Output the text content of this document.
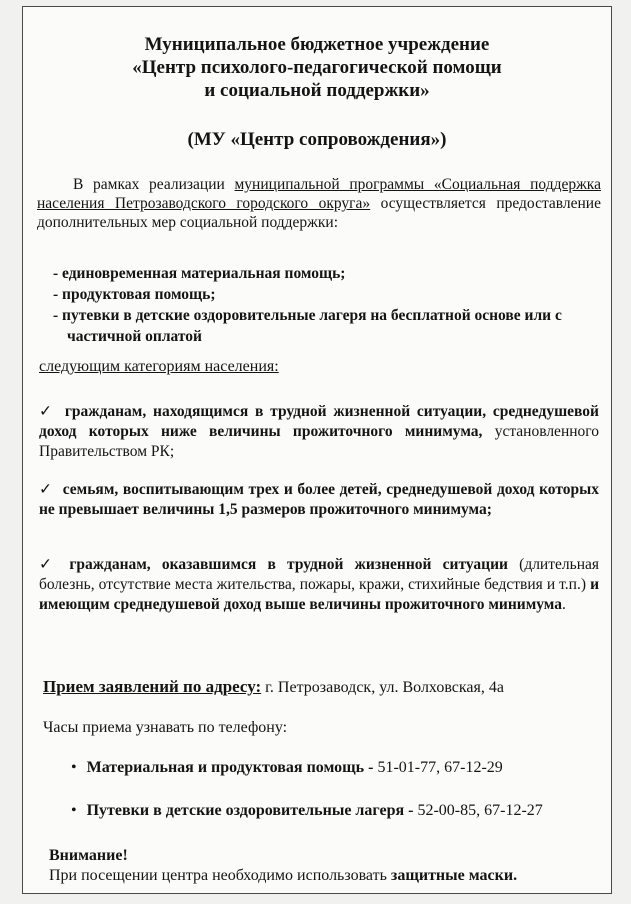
Муниципальное бюджетное учреждение
«Центр психолого-педагогической помощи
и социальной поддержки»
(МУ «Центр сопровождения»)
В рамках реализации муниципальной программы «Социальная поддержка населения Петрозаводского городского округа» осуществляется предоставление дополнительных мер социальной поддержки:
- единовременная материальная помощь;
- продуктовая помощь;
- путевки в детские оздоровительные лагеря на бесплатной основе или с частичной оплатой
следующим категориям населения:
✓ гражданам, находящимся в трудной жизненной ситуации, среднедушевой доход которых ниже величины прожиточного минимума, установленного Правительством РК;
✓ семьям, воспитывающим трех и более детей, среднедушевой доход которых не превышает величины 1,5 размеров прожиточного минимума;
✓ гражданам, оказавшимся в трудной жизненной ситуации (длительная болезнь, отсутствие места жительства, пожары, кражи, стихийные бедствия и т.п.) и имеющим среднедушевой доход выше величины прожиточного минимума.
Прием заявлений по адресу: г. Петрозаводск, ул. Волховская, 4а
Часы приема узнавать по телефону:
• Материальная и продуктовая помощь - 51-01-77, 67-12-29
• Путевки в детские оздоровительные лагеря - 52-00-85, 67-12-27
Внимание!
При посещении центра необходимо использовать защитные маски.
